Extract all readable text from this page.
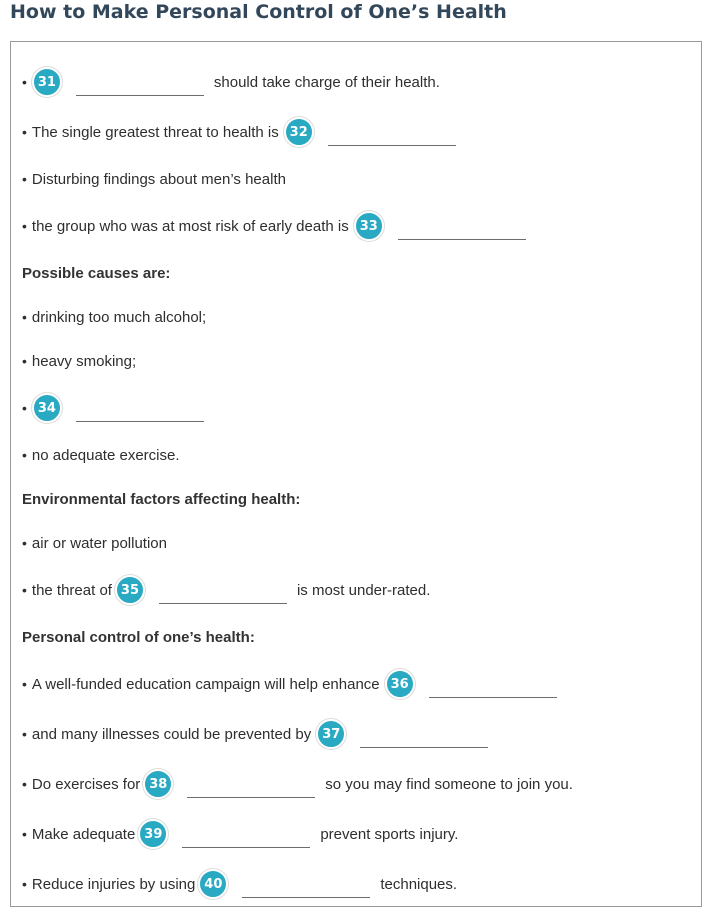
How to Make Personal Control of One’s Health
• 31	should take charge of their health.
• The single greatest threat to health is 32
• Disturbing findings about men’s health
• the group who was at most risk of early death is 33
Possible causes are:
• drinking too much alcohol;
• heavy smoking;
• 34
• no adequate exercise.
Environmental factors affecting health:
• air or water pollution
• the threat of 35	is most under-rated.
Personal control of one’s health:
• A well-funded education campaign will help enhance 36
• and many illnesses could be prevented by 37
• Do exercises for 38	so you may find someone to join you.
• Make adequate 39	prevent sports injury.
• Reduce injuries by using 40	techniques.
